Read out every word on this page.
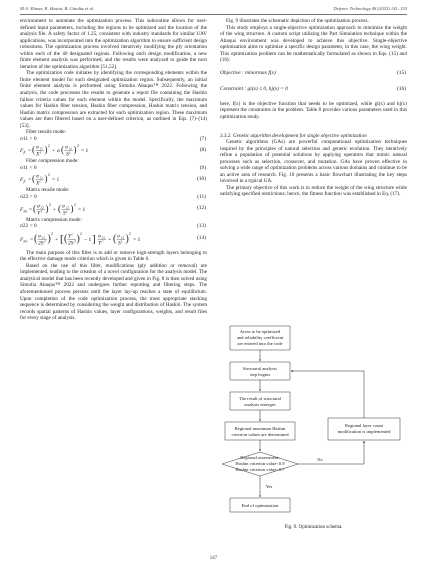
M.A. Yilmaz, K. Hasini, B. Gündüz et al.	Defence Technology 48 (2025) 141–155

environment to automate the optimization process. This subroutine allows for user-defined input parameters, including the regions to be optimized and the location of the analysis file. A safety factor of 1.25, consistent with industry standards for similar UAV applications, was incorporated into the optimization algorithm to ensure sufficient design robustness. The optimization process involved iteratively modifying the ply orientation within each of the 40 designated regions. Following each design modification, a new finite element analysis was performed, and the results were analyzed to guide the next iteration of the optimization algorithm [51,52].

The optimization code initiates by identifying the corresponding elements within the finite element model for each designated optimization region. Subsequently, an initial finite element analysis is performed using Simulia Abaqus™ 2022. Following the analysis, the code processes the results to generate a report file containing the Hashin failure criteria values for each element within the model. Specifically, the maximum values for Hashin fiber tension, Hashin fiber compression, Hashin matrix tension, and Hashin matrix compression are extracted for each optimization region. These maximum values are then filtered based on a user-defined criterion, as outlined in Eqs. (7)–(14) [53].

Fiber tensile mode:

σ11 > 0	(7)
F ft = ( σ 11
X T ) 2
+ α ( σ 12
S L ) 2
= 1	(8)

Fiber compression mode:

σ11 < 0	(9)
F fc = ( σ 11
X C ) 2
= 1	(10)

Matrix tensile mode:

σ22 > 0	(11)
F mt = ( σ 22
Y T ) 2
+ ( σ 12
S L ) 2
= 1	(12)

Matrix compression mode:

σ22 < 0	(13)
F mc = ( σ 22
2S T ) 2
+ [ ( Y C
2S T ) 2
− 1 ] σ 22
Y C + ( σ 12
S L ) 2
= 1	(14)

The main purpose of this filter is to add or remove high-strength layers belonging to the effective damage mode criterion which is given in Table 6.

Based on the use of this filter, modifications (ply addition or removal) are implemented, leading to the creation of a novel configuration for the analysis model. The analytical model that has been recently developed and given in Fig. 8 is then solved using Simulia Abaqus™ 2022 and undergoes further reporting and filtering steps. The aforementioned process persists until the layer lay-up reaches a state of equilibrium. Upon completion of the code optimization process, the most appropriate stacking sequence is determined by considering the weight and distribution of Hashin. The system records spatial patterns of Hashin values, layer configurations, weights, and result files for every stage of analysis.

Fig. 9 illustrates the schematic depiction of the optimization process.

This study employs a single-objective optimization approach to minimize the weight of the wing structure. A custom script utilizing the Part Simulation technique within the Abaqus environment was developed to achieve this objective. Single-objective optimization aims to optimize a specific design parameter, in this case, the wing weight. This optimization problem can be mathematically formulated as shown in Eqs. (15) and (16):

Objective : minormax f(x)	(15)
Constraint : gi(x) ≤ 0, hj(x) = 0	(16)

here, f(x) is the objective function that needs to be optimized, while gi(x) and hj(x) represent the constraints in the problem. Table 8 provides various parameters used in this optimization study.

3.3.2. Genetic algorithm development for single objective optimization

Genetic algorithms (GAs) are powerful computational optimization techniques inspired by the principles of natural selection and genetic evolution. They iteratively refine a population of potential solutions by applying operators that mimic natural processes such as selection, crossover, and mutation. GAs have proven effective in solving a wide range of optimization problems across various domains and continue to be an active area of research. Fig. 10 presents a basic flowchart illustrating the key steps involved in a typical GA.

The primary objective of this work is to reduce the weight of the wing structure while satisfying specified restrictions; hence, the fitness function was established in Eq. (17).

Areas to be optimized
and reliability coefficient
are entered into the code
Structural analysis
step begins
The result of structural
analysis emerges
Regional maximum Hashin
criterion values are determined
Regional assessment:
Hashin criterion value<0.9
Hashin criterion value>0.7
End of optimization
Regional layer count
modification is implemented
Yes
No
Fig. 9. Optimization schema.
147
